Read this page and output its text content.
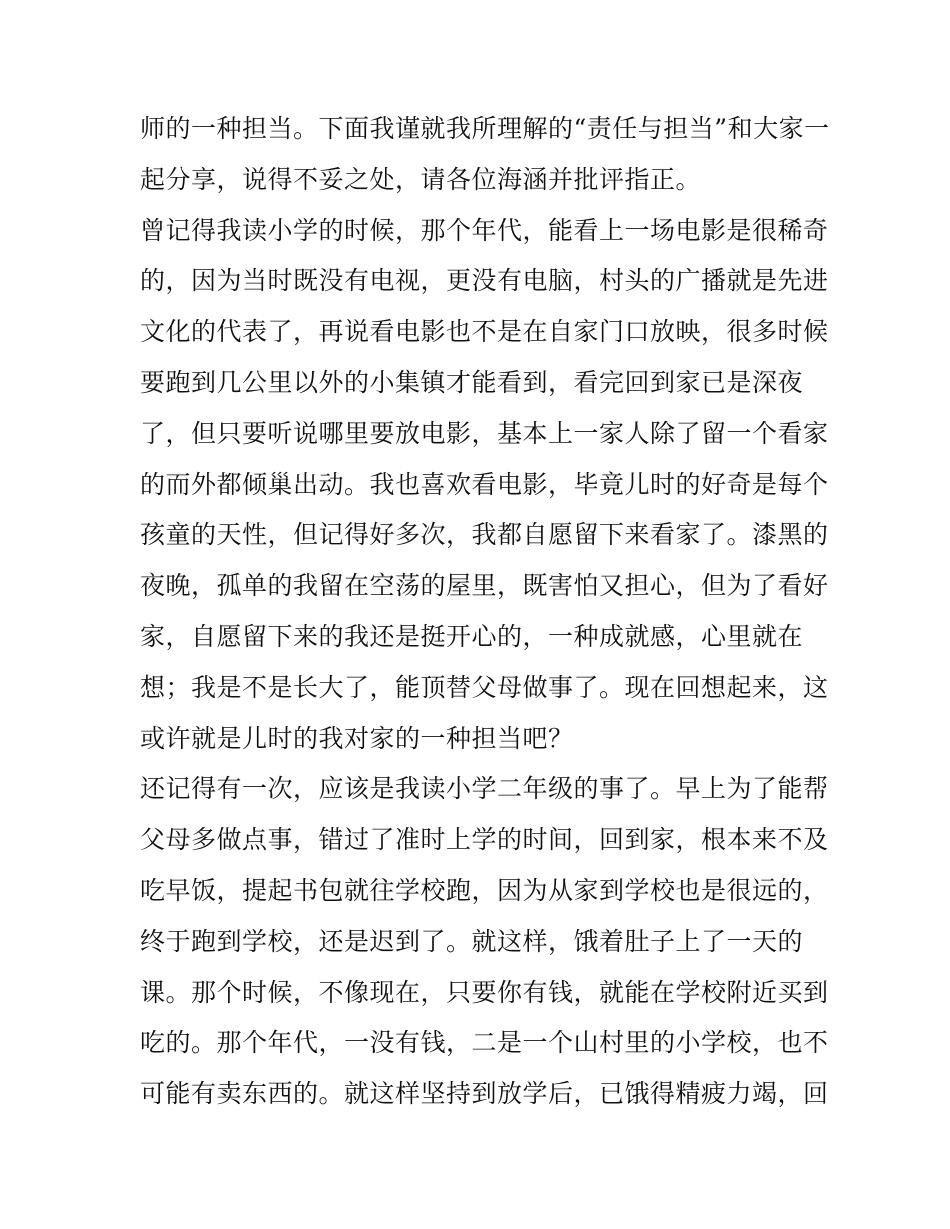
师的一种担当。下面我谨就我所理解的“责任与担当”和大家一
起分享，说得不妥之处，请各位海涵并批评指正。
曾记得我读小学的时候，那个年代，能看上一场电影是很稀奇
的，因为当时既没有电视，更没有电脑，村头的广播就是先进
文化的代表了，再说看电影也不是在自家门口放映，很多时候
要跑到几公里以外的小集镇才能看到，看完回到家已是深夜
了，但只要听说哪里要放电影，基本上一家人除了留一个看家
的而外都倾巢出动。我也喜欢看电影，毕竟儿时的好奇是每个
孩童的天性，但记得好多次，我都自愿留下来看家了。漆黑的
夜晚，孤单的我留在空荡的屋里，既害怕又担心，但为了看好
家，自愿留下来的我还是挺开心的，一种成就感，心里就在
想；我是不是长大了，能顶替父母做事了。现在回想起来，这
或许就是儿时的我对家的一种担当吧？
还记得有一次，应该是我读小学二年级的事了。早上为了能帮
父母多做点事，错过了准时上学的时间，回到家，根本来不及
吃早饭，提起书包就往学校跑，因为从家到学校也是很远的，
终于跑到学校，还是迟到了。就这样，饿着肚子上了一天的
课。那个时候，不像现在，只要你有钱，就能在学校附近买到
吃的。那个年代，一没有钱，二是一个山村里的小学校，也不
可能有卖东西的。就这样坚持到放学后，已饿得精疲力竭，回
